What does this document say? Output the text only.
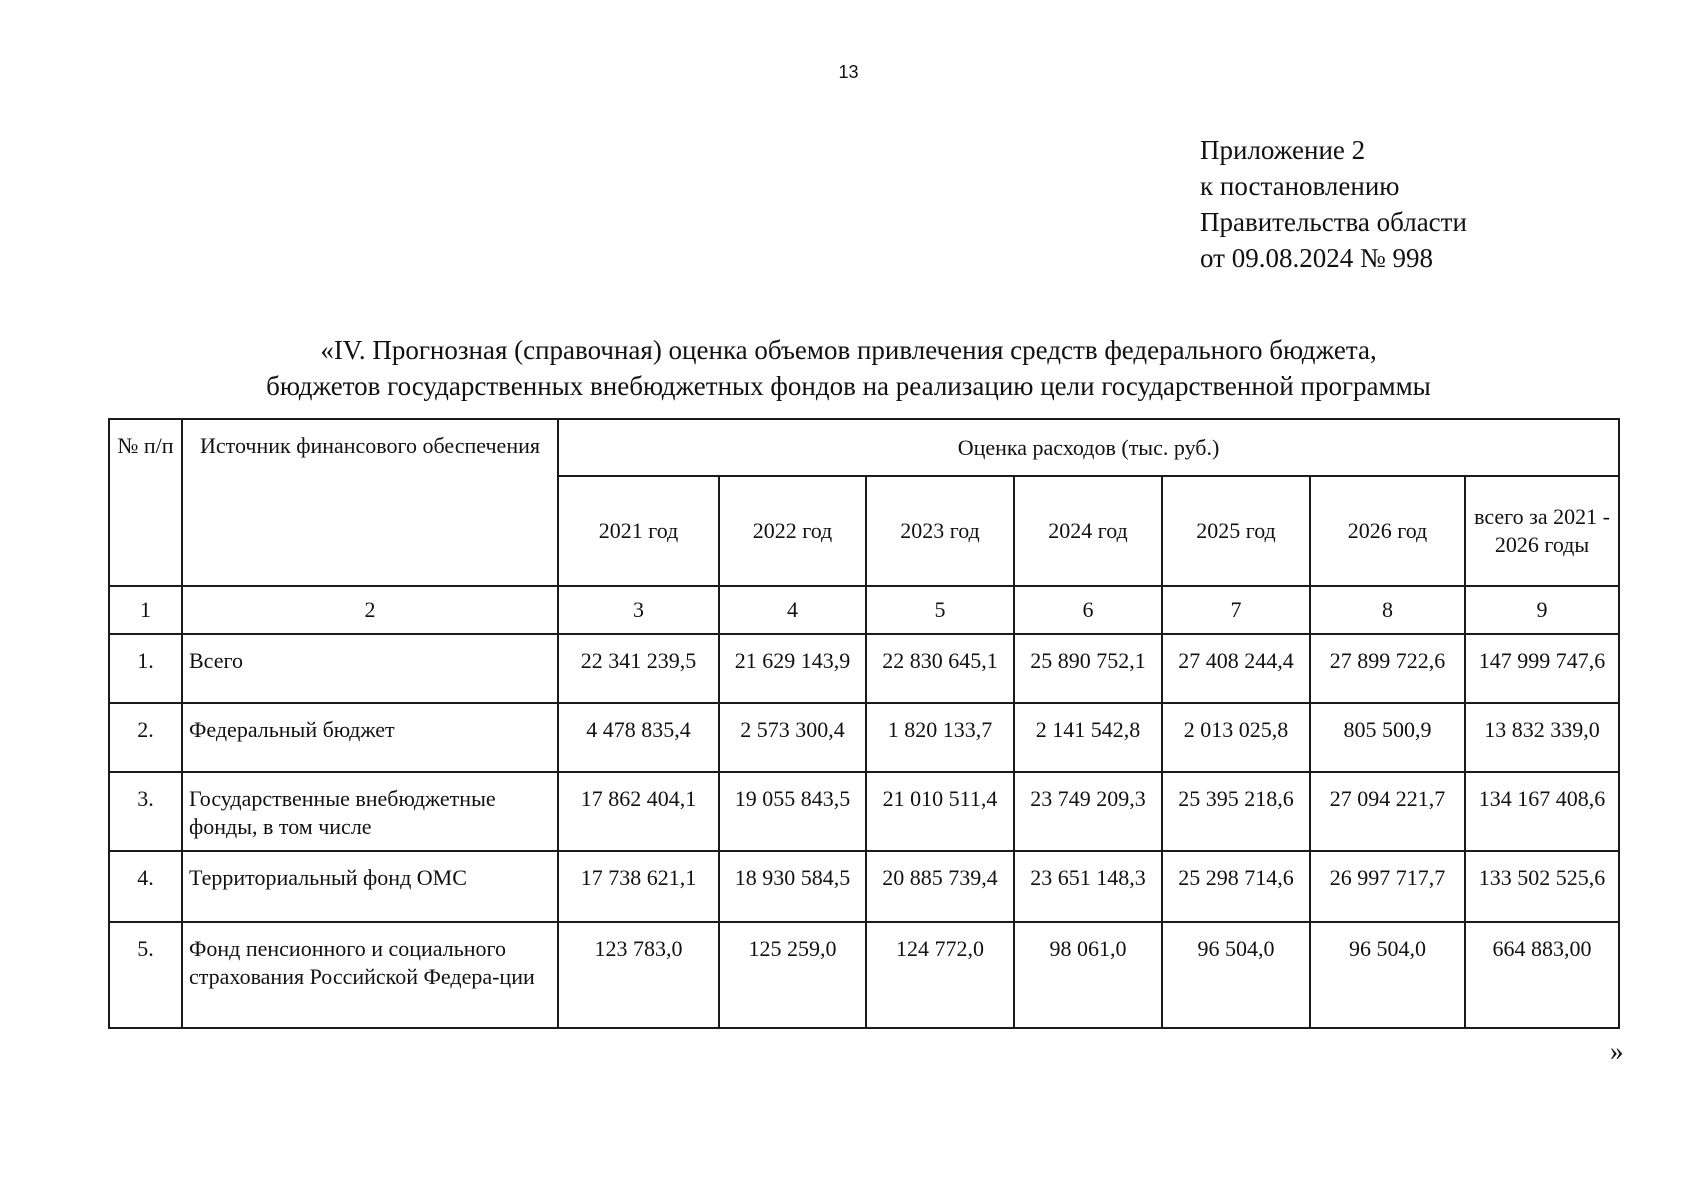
13
Приложение 2
к постановлению
Правительства области
от 09.08.2024 № 998
«IV. Прогнозная (справочная) оценка объемов привлечения средств федерального бюджета,
бюджетов государственных внебюджетных фондов на реализацию цели государственной программы
№ п/п	Источник финансового обеспечения	Оценка расходов (тыс. руб.)						
		2021 год	2022 год	2023 год	2024 год	2025 год	2026 год	всего за 2021 - 2026 годы
1	2	3	4	5	6	7	8	9
1.	Всего	22 341 239,5	21 629 143,9	22 830 645,1	25 890 752,1	27 408 244,4	27 899 722,6	147 999 747,6
2.	Федеральный бюджет	4 478 835,4	2 573 300,4	1 820 133,7	2 141 542,8	2 013 025,8	805 500,9	13 832 339,0
3.	Государственные внебюджетные фонды, в том числе	17 862 404,1	19 055 843,5	21 010 511,4	23 749 209,3	25 395 218,6	27 094 221,7	134 167 408,6
4.	Территориальный фонд ОМС	17 738 621,1	18 930 584,5	20 885 739,4	23 651 148,3	25 298 714,6	26 997 717,7	133 502 525,6
5.	Фонд пенсионного и социального страхования Российской Федера-ции	123 783,0	125 259,0	124 772,0	98 061,0	96 504,0	96 504,0	664 883,00
»
